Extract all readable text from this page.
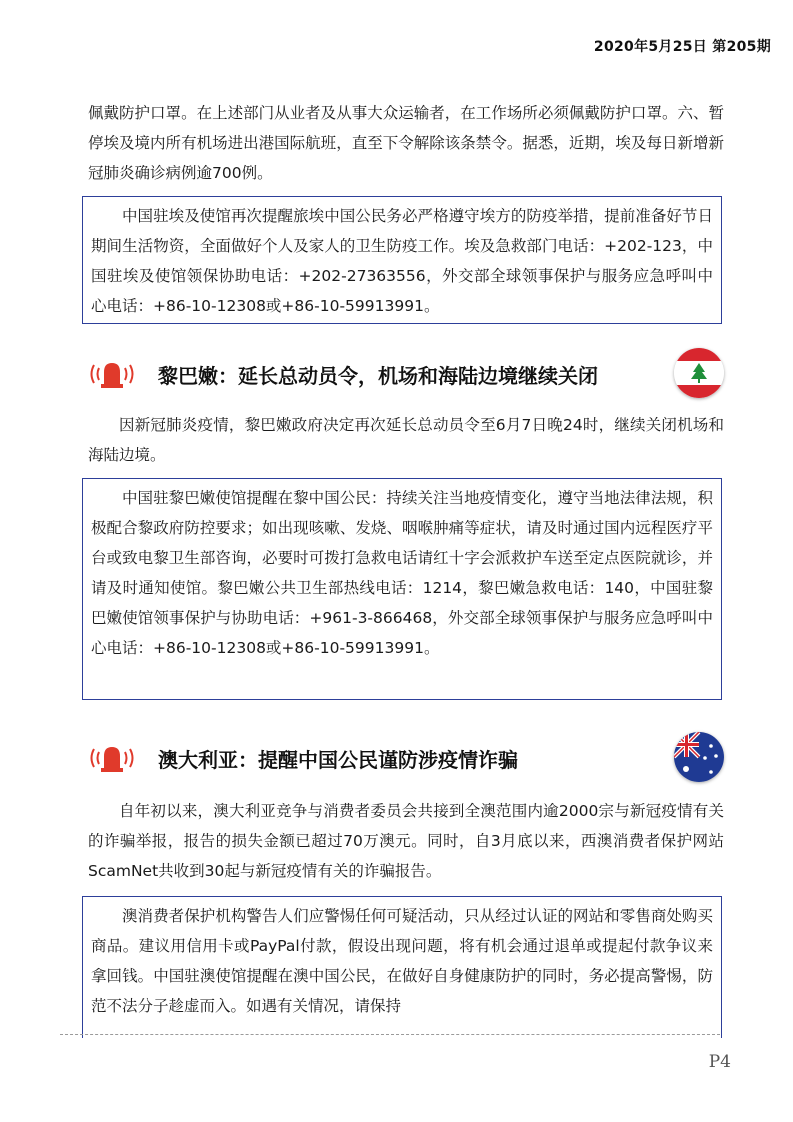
2020年5月25日 第205期

佩戴防护口罩。在上述部门从业者及从事大众运输者，在工作场所必须佩戴防护口罩。六、暂停埃及境内所有机场进出港国际航班，直至下令解除该条禁令。据悉，近期，埃及每日新增新冠肺炎确诊病例逾700例。

中国驻埃及使馆再次提醒旅埃中国公民务必严格遵守埃方的防疫举措，提前准备好节日期间生活物资，全面做好个人及家人的卫生防疫工作。埃及急救部门电话：+202-123，中国驻埃及使馆领保协助电话：+202-27363556，外交部全球领事保护与服务应急呼叫中心电话：+86-10-12308或+86-10-59913991。

黎巴嫩：延长总动员令，机场和海陆边境继续关闭

因新冠肺炎疫情，黎巴嫩政府决定再次延长总动员令至6月7日晚24时，继续关闭机场和海陆边境。

中国驻黎巴嫩使馆提醒在黎中国公民：持续关注当地疫情变化，遵守当地法律法规，积极配合黎政府防控要求；如出现咳嗽、发烧、咽喉肿痛等症状，请及时通过国内远程医疗平台或致电黎卫生部咨询，必要时可拨打急救电话请红十字会派救护车送至定点医院就诊，并请及时通知使馆。黎巴嫩公共卫生部热线电话：1214，黎巴嫩急救电话：140，中国驻黎巴嫩使馆领事保护与协助电话：+961-3-866468，外交部全球领事保护与服务应急呼叫中心电话：+86-10-12308或+86-10-59913991。

澳大利亚：提醒中国公民谨防涉疫情诈骗

自年初以来，澳大利亚竞争与消费者委员会共接到全澳范围内逾2000宗与新冠疫情有关的诈骗举报，报告的损失金额已超过70万澳元。同时，自3月底以来，西澳消费者保护网站ScamNet共收到30起与新冠疫情有关的诈骗报告。

澳消费者保护机构警告人们应警惕任何可疑活动，只从经过认证的网站和零售商处购买商品。建议用信用卡或PayPal付款，假设出现问题，将有机会通过退单或提起付款争议来拿回钱。中国驻澳使馆提醒在澳中国公民，在做好自身健康防护的同时，务必提高警惕，防范不法分子趁虚而入。如遇有关情况，请保持

P4
